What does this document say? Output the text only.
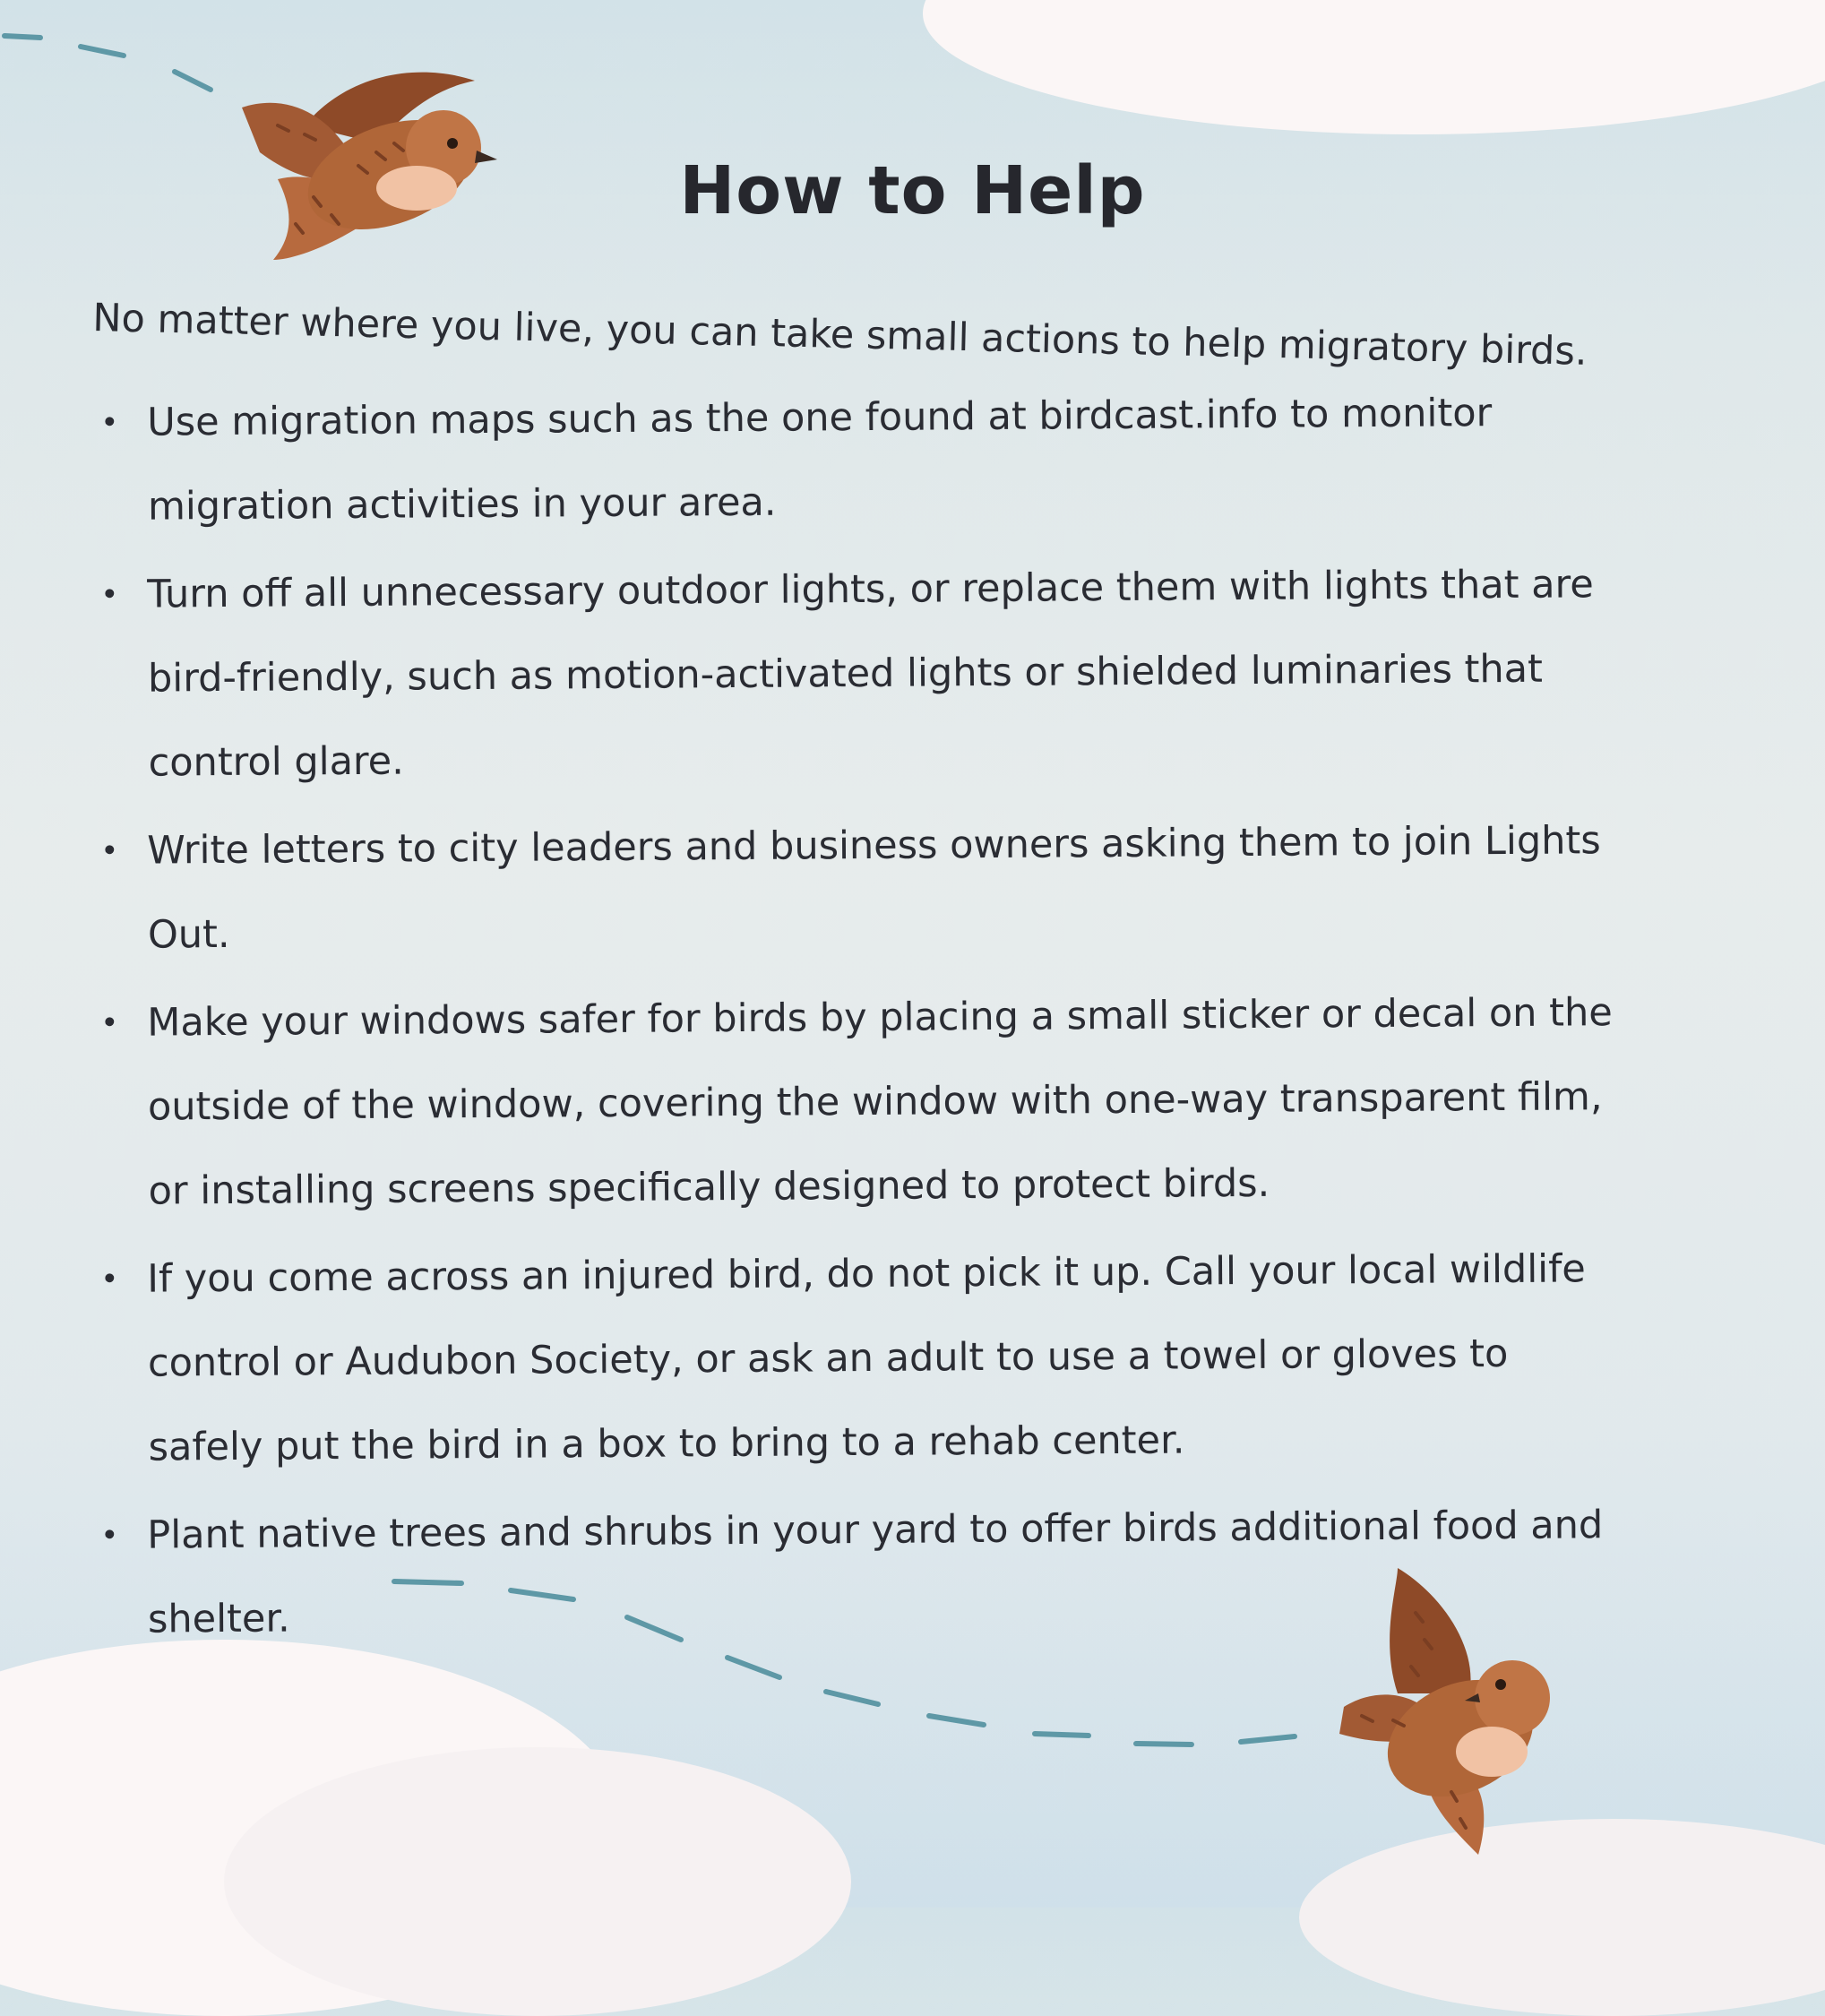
How to Help

No matter where you live, you can take small actions to help migratory birds.

• Use migration maps such as the one found at birdcast.info to monitor migration activities in your area.
• Turn off all unnecessary outdoor lights, or replace them with lights that are bird-friendly, such as motion-activated lights or shielded luminaries that control glare.
• Write letters to city leaders and business owners asking them to join Lights Out.
• Make your windows safer for birds by placing a small sticker or decal on the outside of the window, covering the window with one-way transparent film, or installing screens specifically designed to protect birds.
• If you come across an injured bird, do not pick it up. Call your local wildlife control or Audubon Society, or ask an adult to use a towel or gloves to safely put the bird in a box to bring to a rehab center.
• Plant native trees and shrubs in your yard to offer birds additional food and shelter.
